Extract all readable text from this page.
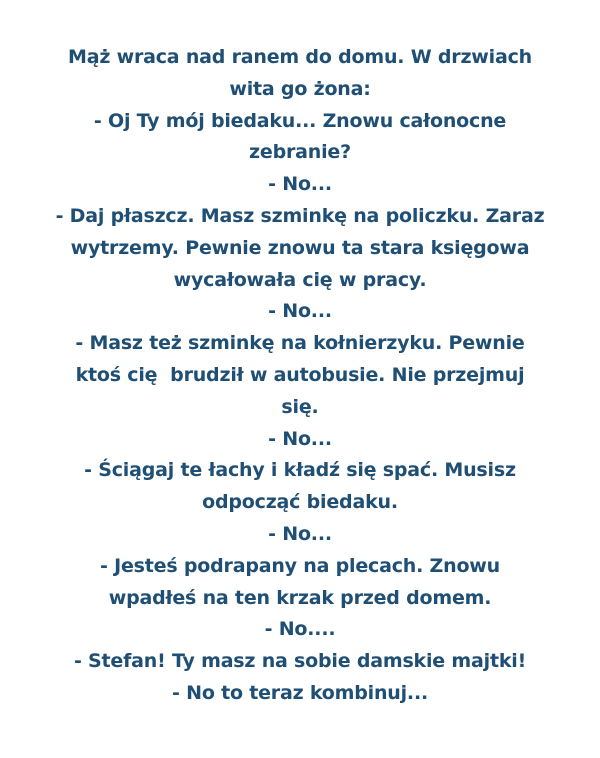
Mąż wraca nad ranem do domu. W drzwiach
wita go żona:
- Oj Ty mój biedaku... Znowu całonocne
zebranie?
- No...
- Daj płaszcz. Masz szminkę na policzku. Zaraz
wytrzemy. Pewnie znowu ta stara księgowa
wycałowała cię w pracy.
- No...
- Masz też szminkę na kołnierzyku. Pewnie
ktoś cię  brudził w autobusie. Nie przejmuj
się.
- No...
- Ściągaj te łachy i kładź się spać. Musisz
odpocząć biedaku.
- No...
- Jesteś podrapany na plecach. Znowu
wpadłeś na ten krzak przed domem.
- No....
- Stefan! Ty masz na sobie damskie majtki!
- No to teraz kombinuj...
